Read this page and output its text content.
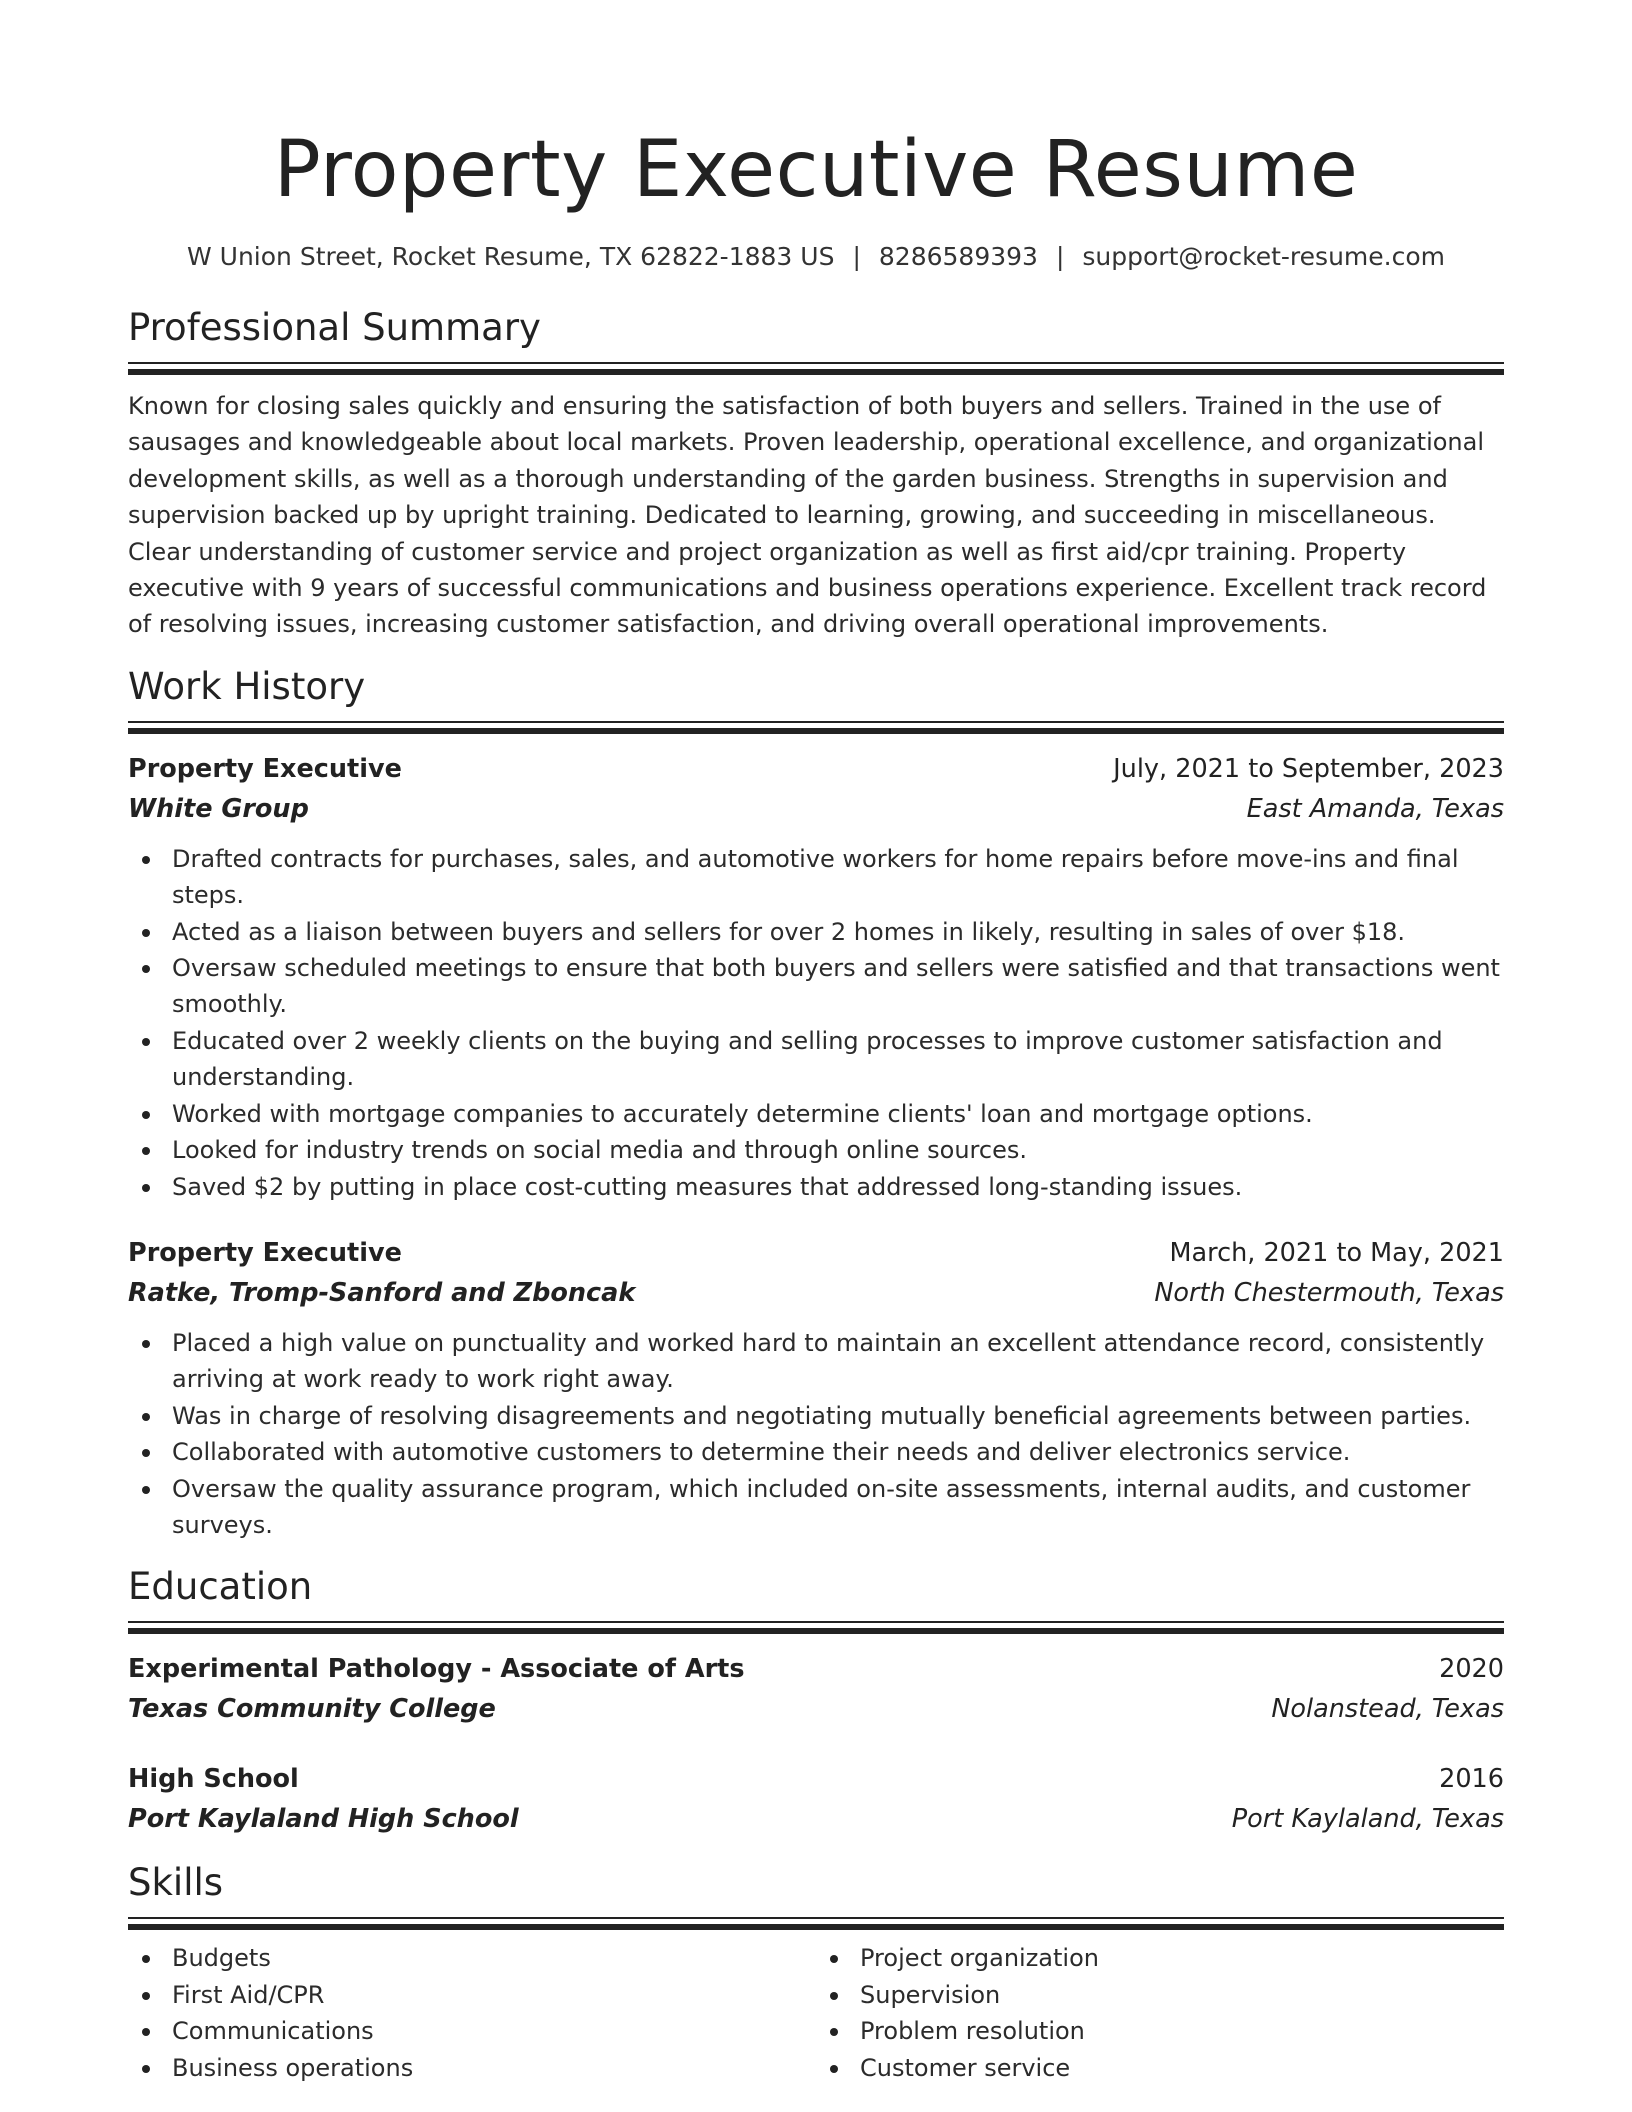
Property Executive Resume
W Union Street, Rocket Resume, TX 62822-1883 US | 8286589393 | support@rocket-resume.com
Professional Summary
Known for closing sales quickly and ensuring the satisfaction of both buyers and sellers. Trained in the use of sausages and knowledgeable about local markets. Proven leadership, operational excellence, and organizational development skills, as well as a thorough understanding of the garden business. Strengths in supervision and supervision backed up by upright training. Dedicated to learning, growing, and succeeding in miscellaneous. Clear understanding of customer service and project organization as well as first aid/cpr training. Property executive with 9 years of successful communications and business operations experience. Excellent track record of resolving issues, increasing customer satisfaction, and driving overall operational improvements.
Work History
Property Executive	July, 2021 to September, 2023
White Group	East Amanda, Texas
Drafted contracts for purchases, sales, and automotive workers for home repairs before move-ins and final steps.
Acted as a liaison between buyers and sellers for over 2 homes in likely, resulting in sales of over $18.
Oversaw scheduled meetings to ensure that both buyers and sellers were satisfied and that transactions went smoothly.
Educated over 2 weekly clients on the buying and selling processes to improve customer satisfaction and understanding.
Worked with mortgage companies to accurately determine clients' loan and mortgage options.
Looked for industry trends on social media and through online sources.
Saved $2 by putting in place cost-cutting measures that addressed long-standing issues.
Property Executive	March, 2021 to May, 2021
Ratke, Tromp-Sanford and Zboncak	North Chestermouth, Texas
Placed a high value on punctuality and worked hard to maintain an excellent attendance record, consistently arriving at work ready to work right away.
Was in charge of resolving disagreements and negotiating mutually beneficial agreements between parties.
Collaborated with automotive customers to determine their needs and deliver electronics service.
Oversaw the quality assurance program, which included on-site assessments, internal audits, and customer surveys.
Education
Experimental Pathology - Associate of Arts	2020
Texas Community College	Nolanstead, Texas
High School	2016
Port Kaylaland High School	Port Kaylaland, Texas
Skills
Budgets
First Aid/CPR
Communications
Business operations
Project organization
Supervision
Problem resolution
Customer service
